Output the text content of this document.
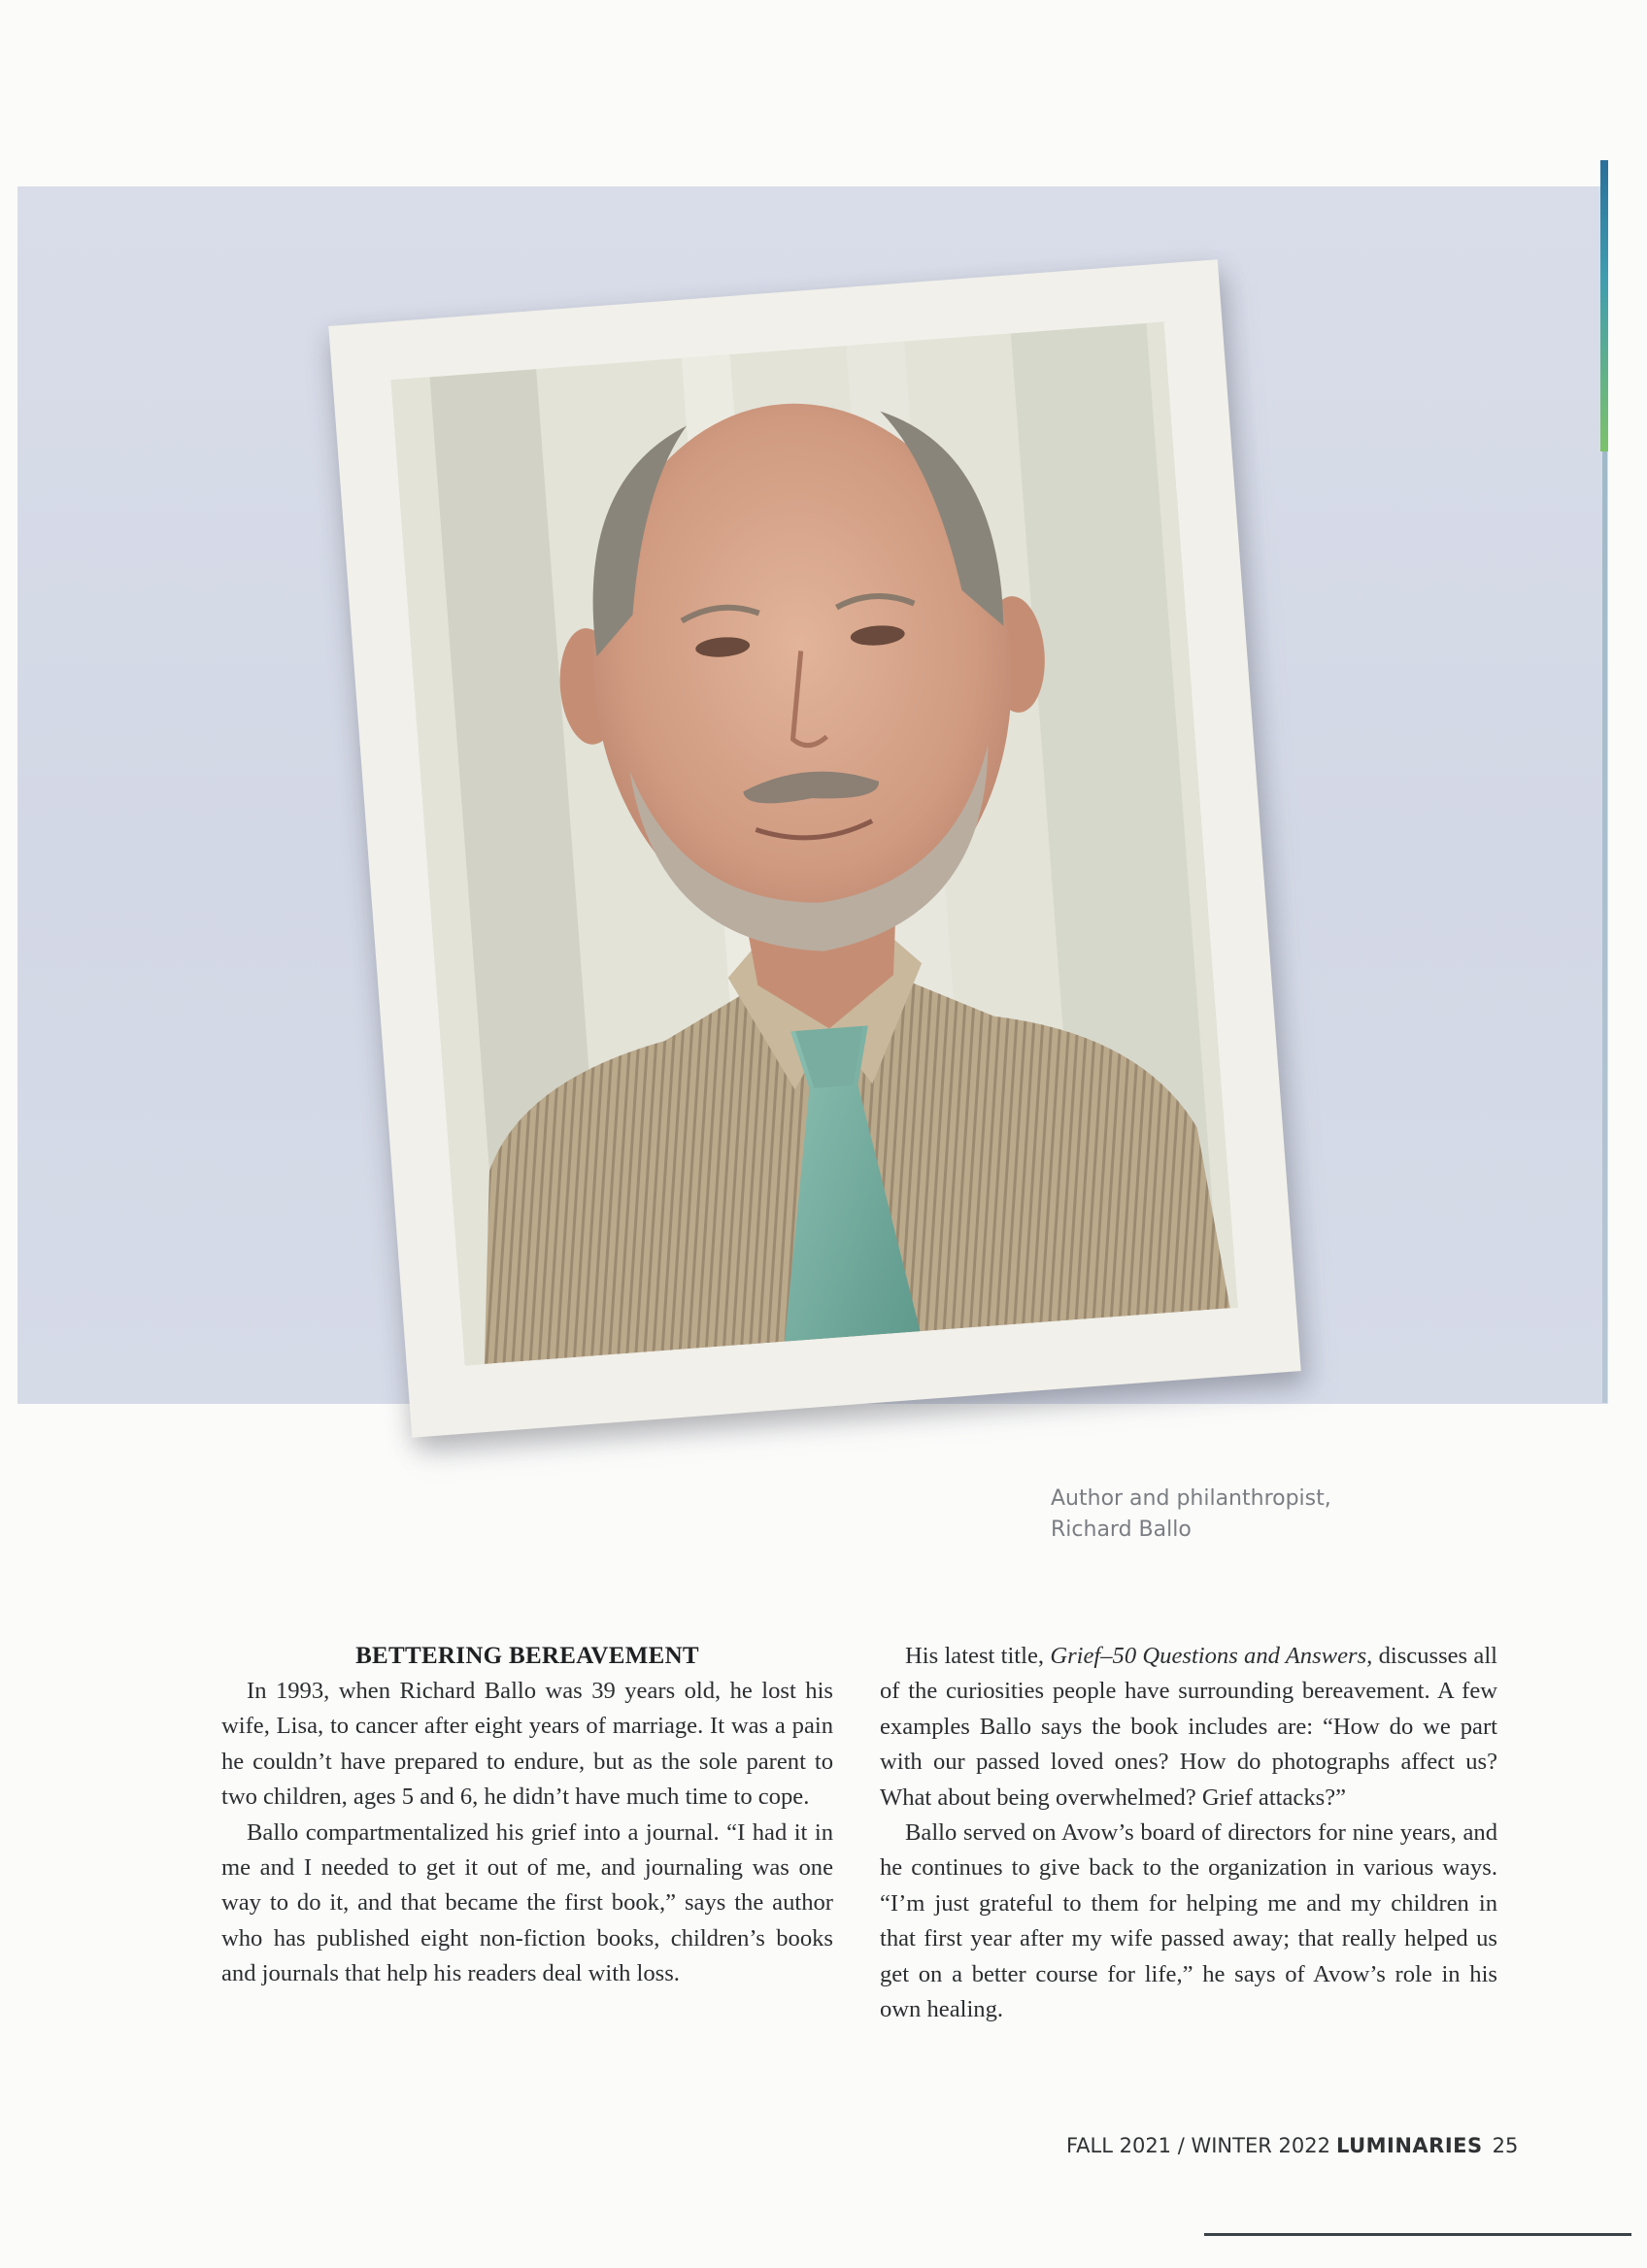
Author and philanthropist,
Richard Ballo
BETTERING BEREAVEMENT

In 1993, when Richard Ballo was 39 years old, he lost his wife, Lisa, to cancer after eight years of marriage. It was a pain he couldn’t have prepared to endure, but as the sole parent to two children, ages 5 and 6, he didn’t have much time to cope.

Ballo compartmentalized his grief into a journal. “I had it in me and I needed to get it out of me, and journaling was one way to do it, and that became the first book,” says the author who has published eight non-fiction books, children’s books and journals that help his readers deal with loss.

His latest title, Grief–50 Questions and Answers, discusses all of the curiosities people have surrounding bereavement. A few examples Ballo says the book includes are: “How do we part with our passed loved ones? How do photographs affect us? What about being overwhelmed? Grief attacks?”

Ballo served on Avow’s board of directors for nine years, and he continues to give back to the organization in various ways. “I’m just grateful to them for helping me and my children in that first year after my wife passed away; that really helped us get on a better course for life,” he says of Avow’s role in his own healing.

FALL 2021 / WINTER 2022 LUMINARIES 25
